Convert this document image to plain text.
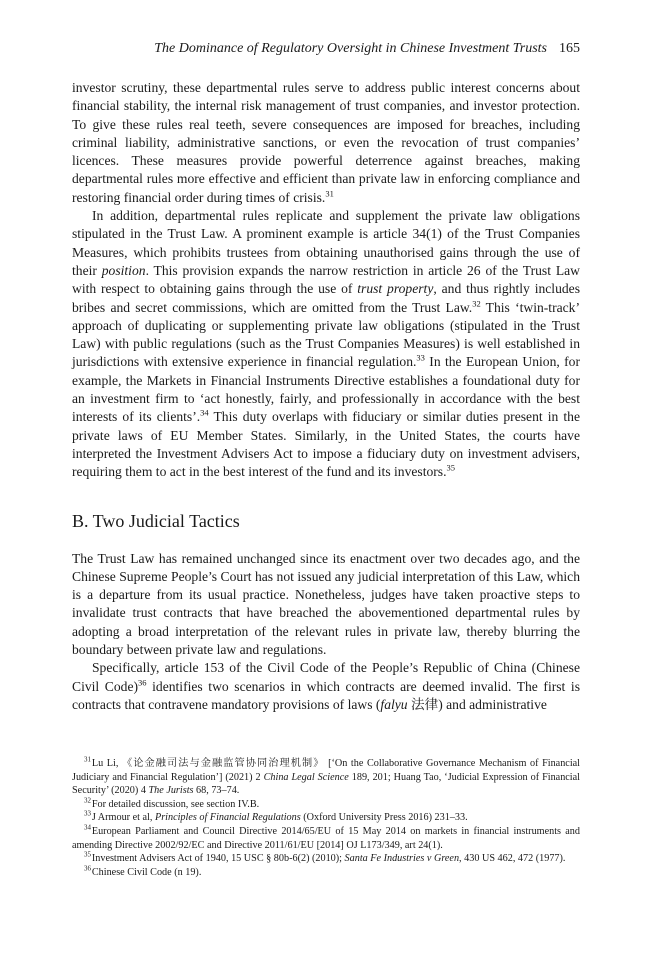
The Dominance of Regulatory Oversight in Chinese Investment Trusts 165

investor scrutiny, these departmental rules serve to address public interest concerns about financial stability, the internal risk management of trust companies, and investor protection. To give these rules real teeth, severe consequences are imposed for breaches, including criminal liability, administrative sanctions, or even the revocation of trust companies’ licences. These measures provide powerful deterrence against breaches, making departmental rules more effective and efficient than private law in enforcing compliance and restoring financial order during times of crisis.$^{31}$

In addition, departmental rules replicate and supplement the private law obligations stipulated in the Trust Law. A prominent example is article 34(1) of the Trust Companies Measures, which prohibits trustees from obtaining unauthorised gains through the use of their position. This provision expands the narrow restriction in article 26 of the Trust Law with respect to obtaining gains through the use of trust property, and thus rightly includes bribes and secret commissions, which are omitted from the Trust Law.$^{32}$ This ‘twin-track’ approach of duplicating or supplementing private law obligations (stipulated in the Trust Law) with public regulations (such as the Trust Companies Measures) is well established in jurisdictions with extensive experience in financial regulation.$^{33}$ In the European Union, for example, the Markets in Financial Instruments Directive establishes a foundational duty for an investment firm to ‘act honestly, fairly, and professionally in accordance with the best interests of its clients’.$^{34}$ This duty overlaps with fiduciary or similar duties present in the private laws of EU Member States. Similarly, in the United States, the courts have interpreted the Investment Advisers Act to impose a fiduciary duty on investment advisers, requiring them to act in the best interest of the fund and its investors.$^{35}$

B. Two Judicial Tactics

The Trust Law has remained unchanged since its enactment over two decades ago, and the Chinese Supreme People’s Court has not issued any judicial interpretation of this Law, which is a departure from its usual practice. Nonetheless, judges have taken proactive steps to invalidate trust contracts that have breached the abovementioned departmental rules by adopting a broad interpretation of the relevant rules in private law, thereby blurring the boundary between private law and regulations.

Specifically, article 153 of the Civil Code of the People’s Republic of China (Chinese Civil Code)$^{36}$ identifies two scenarios in which contracts are deemed invalid. The first is contracts that contravene mandatory provisions of laws (falyu 法律) and administrative

$^{31}$ Lu Li, 《论金融司法与金融监管协同治理机制》 [‘On the Collaborative Governance Mechanism of Financial Judiciary and Financial Regulation’] (2021) 2 China Legal Science 189, 201; Huang Tao, ‘Judicial Expression of Financial Security’ (2020) 4 The Jurists 68, 73–74.

$^{32}$ For detailed discussion, see section IV.B.

$^{33}$ J Armour et al, Principles of Financial Regulations (Oxford University Press 2016) 231–33.

$^{34}$ European Parliament and Council Directive 2014/65/EU of 15 May 2014 on markets in financial instruments and amending Directive 2002/92/EC and Directive 2011/61/EU [2014] OJ L173/349, art 24(1).

$^{35}$ Investment Advisers Act of 1940, 15 USC § 80b-6(2) (2010); Santa Fe Industries v Green, 430 US 462, 472 (1977).

$^{36}$ Chinese Civil Code (n 19).
